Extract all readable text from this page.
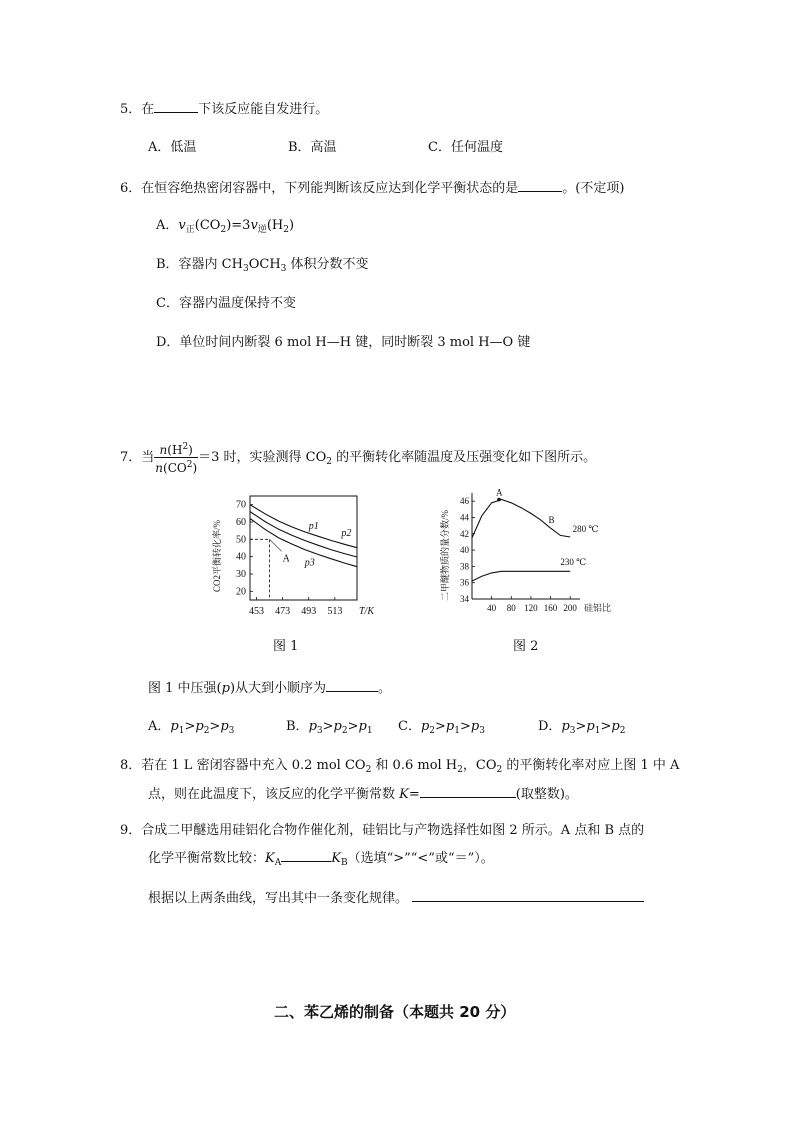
5．在	下该反应能自发进行。
A．低温	B．高温	C．任何温度
6．在恒容绝热密闭容器中，下列能判断该反应达到化学平衡状态的是	。(不定项)
A．$v_正(CO_2)=3v_逆(H_2)$
B．容器内 $CH_3OCH_3$ 体积分数不变
C．容器内温度保持不变
D．单位时间内断裂 6 mol H—H 键，同时断裂 3 mol H—O 键
7．当 $\frac{n(H^2)}{n(CO^2)} =3$ 时，实验测得 $CO_2$ 的平衡转化率随温度及压强变化如下图所示。
20
30
40
50
60
70
453 473 493 513 T/K
CO2平衡转化率/%	A
p1
p2
p3
图 1
34
36
38
40
42
44
46
40 80 120 160 200 硅铝比
二甲醚物质的量分数/%
A
B
280 ℃
230 ℃
图 2
图 1 中压强(p)从大到小顺序为	。
A．$p_1>p_2>p_3$	B．$p_3>p_2>p_1$ C．$p_2>p_1>p_3$	D．$p_3>p_1>p_2$
8．若在 1 L 密闭容器中充入 0.2 mol $CO_2$ 和 0.6 mol $H_2$，$CO_2$ 的平衡转化率对应上图 1 中 A
点，则在此温度下，该反应的化学平衡常数 K=	(取整数)。
9．合成二甲醚选用硅铝化合物作催化剂，硅铝比与产物选择性如图 2 所示。A 点和 B 点的
化学平衡常数比较：$K_A$	$K_B$（选填“>”“<”或“＝”）。
根据以上两条曲线，写出其中一条变化规律。
二、苯乙烯的制备（本题共 20 分）
